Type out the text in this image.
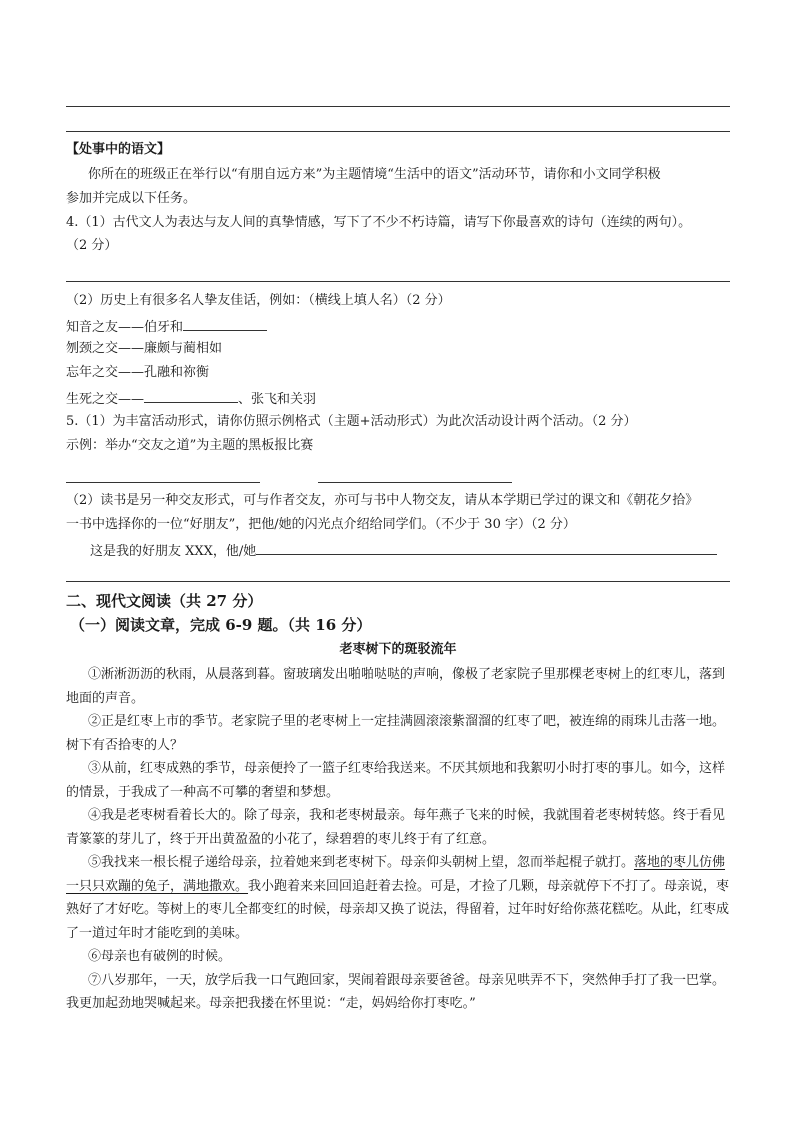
【处事中的语文】
你所在的班级正在举行以“有朋自远方来”为主题情境“生活中的语文”活动环节，请你和小文同学积极
参加并完成以下任务。
4.（1）古代文人为表达与友人间的真挚情感，写下了不少不朽诗篇，请写下你最喜欢的诗句（连续的两句）。
（2 分）
（2）历史上有很多名人挚友佳话，例如：（横线上填人名）（2 分）
知音之友——伯牙和
刎颈之交——廉颇与蔺相如
忘年之交——孔融和祢衡
生死之交——	、张飞和关羽
5.（1）为丰富活动形式，请你仿照示例格式（主题+活动形式）为此次活动设计两个活动。（2 分）
示例：举办“交友之道”为主题的黑板报比赛
（2）读书是另一种交友形式，可与作者交友，亦可与书中人物交友，请从本学期已学过的课文和《朝花夕拾》
一书中选择你的一位“好朋友”，把他/她的闪光点介绍给同学们。（不少于 30 字）（2 分）
这是我的好朋友 XXX，他/她
二、现代文阅读（共 27 分）
（一）阅读文章，完成 6-9 题。（共 16 分）
老枣树下的斑驳流年

①淅淅沥沥的秋雨，从晨落到暮。窗玻璃发出啪啪哒哒的声响，像极了老家院子里那棵老枣树上的红枣儿，落到地面的声音。

②正是红枣上市的季节。老家院子里的老枣树上一定挂满圆滚滚紫溜溜的红枣了吧，被连绵的雨珠儿击落一地。树下有否拾枣的人？

③从前，红枣成熟的季节，母亲便拎了一篮子红枣给我送来。不厌其烦地和我絮叨小时打枣的事儿。如今，这样的情景，于我成了一种高不可攀的奢望和梦想。

④我是老枣树看着长大的。除了母亲，我和老枣树最亲。每年燕子飞来的时候，我就围着老枣树转悠。终于看见青篆篆的芽儿了，终于开出黄盈盈的小花了，绿碧碧的枣儿终于有了红意。

⑤我找来一根长棍子递给母亲，拉着她来到老枣树下。母亲仰头朝树上望，忽而举起棍子就打。落地的枣儿仿佛一只只欢蹦的兔子，满地撒欢。我小跑着来来回回追赶着去捡。可是，才捡了几颗，母亲就停下不打了。母亲说，枣熟好了才好吃。等树上的枣儿全都变红的时候，母亲却又换了说法，得留着，过年时好给你蒸花糕吃。从此，红枣成了一道过年时才能吃到的美味。

⑥母亲也有破例的时候。

⑦八岁那年，一天，放学后我一口气跑回家，哭闹着跟母亲要爸爸。母亲见哄弄不下，突然伸手打了我一巴掌。我更加起劲地哭喊起来。母亲把我搂在怀里说：“走，妈妈给你打枣吃。”
